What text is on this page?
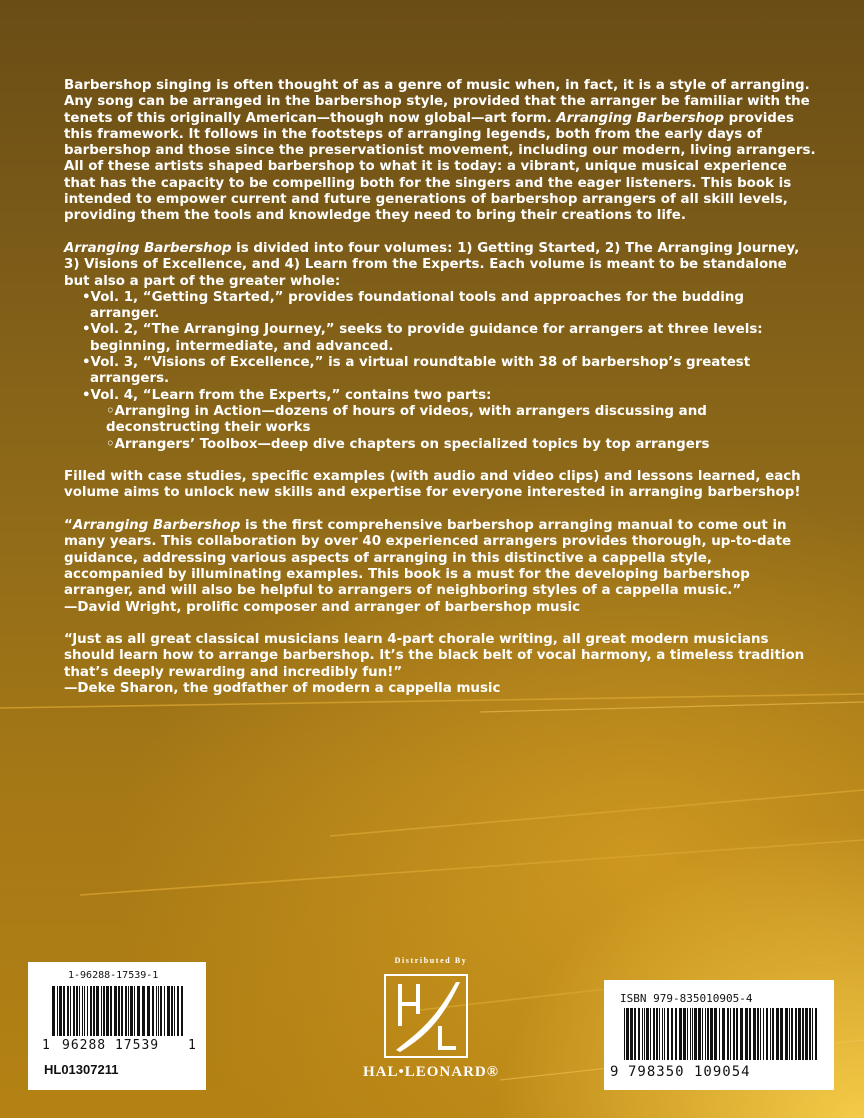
Barbershop singing is often thought of as a genre of music when, in fact, it is a style of arranging. Any song can be arranged in the barbershop style, provided that the arranger be familiar with the tenets of this originally American—though now global—art form. Arranging Barbershop provides this framework. It follows in the footsteps of arranging legends, both from the early days of barbershop and those since the preservationist movement, including our modern, living arrangers. All of these artists shaped barbershop to what it is today: a vibrant, unique musical experience that has the capacity to be compelling both for the singers and the eager listeners. This book is intended to empower current and future generations of barbershop arrangers of all skill levels, providing them the tools and knowledge they need to bring their creations to life.

Arranging Barbershop is divided into four volumes: 1) Getting Started, 2) The Arranging Journey, 3) Visions of Excellence, and 4) Learn from the Experts. Each volume is meant to be standalone but also a part of the greater whole:
•Vol. 1, “Getting Started,” provides foundational tools and approaches for the budding arranger.
•Vol. 2, “The Arranging Journey,” seeks to provide guidance for arrangers at three levels: beginning, intermediate, and advanced.
•Vol. 3, “Visions of Excellence,” is a virtual roundtable with 38 of barbershop’s greatest arrangers.
•Vol. 4, “Learn from the Experts,” contains two parts:
◦Arranging in Action—dozens of hours of videos, with arrangers discussing and deconstructing their works
◦Arrangers’ Toolbox—deep dive chapters on specialized topics by top arrangers

Filled with case studies, specific examples (with audio and video clips) and lessons learned, each volume aims to unlock new skills and expertise for everyone interested in arranging barbershop!

“Arranging Barbershop is the first comprehensive barbershop arranging manual to come out in many years. This collaboration by over 40 experienced arrangers provides thorough, up-to-date guidance, addressing various aspects of arranging in this distinctive a cappella style, accompanied by illuminating examples. This book is a must for the developing barbershop arranger, and will also be helpful to arrangers of neighboring styles of a cappella music.”
—David Wright, prolific composer and arranger of barbershop music

“Just as all great classical musicians learn 4-part chorale writing, all great modern musicians should learn how to arrange barbershop. It’s the black belt of vocal harmony, a timeless tradition that’s deeply rewarding and incredibly fun!”
—Deke Sharon, the godfather of modern a cappella music

1-96288-17539-1
1 96288 17539 1
HL01307211
Distributed By
HAL•LEONARD®
ISBN 979-835010905-4
9 798350 109054
